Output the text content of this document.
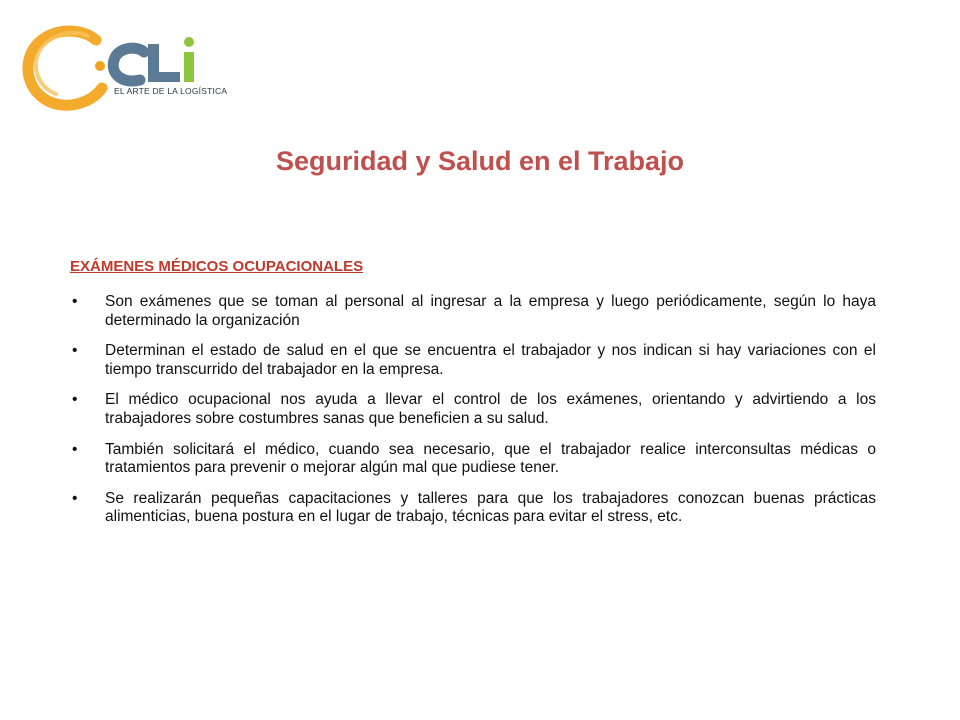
EL ARTE DE LA LOGÍSTICA
Seguridad y Salud en el Trabajo
EXÁMENES MÉDICOS OCUPACIONALES
• Son exámenes que se toman al personal al ingresar a la empresa y luego periódicamente, según lo haya determinado la organización
• Determinan el estado de salud en el que se encuentra el trabajador y nos indican si hay variaciones con el tiempo transcurrido del trabajador en la empresa.
• El médico ocupacional nos ayuda a llevar el control de los exámenes, orientando y advirtiendo a los trabajadores sobre costumbres sanas que beneficien a su salud.
• También solicitará el médico, cuando sea necesario, que el trabajador realice interconsultas médicas o tratamientos para prevenir o mejorar algún mal que pudiese tener.
• Se realizarán pequeñas capacitaciones y talleres para que los trabajadores conozcan buenas prácticas alimenticias, buena postura en el lugar de trabajo, técnicas para evitar el stress, etc.
